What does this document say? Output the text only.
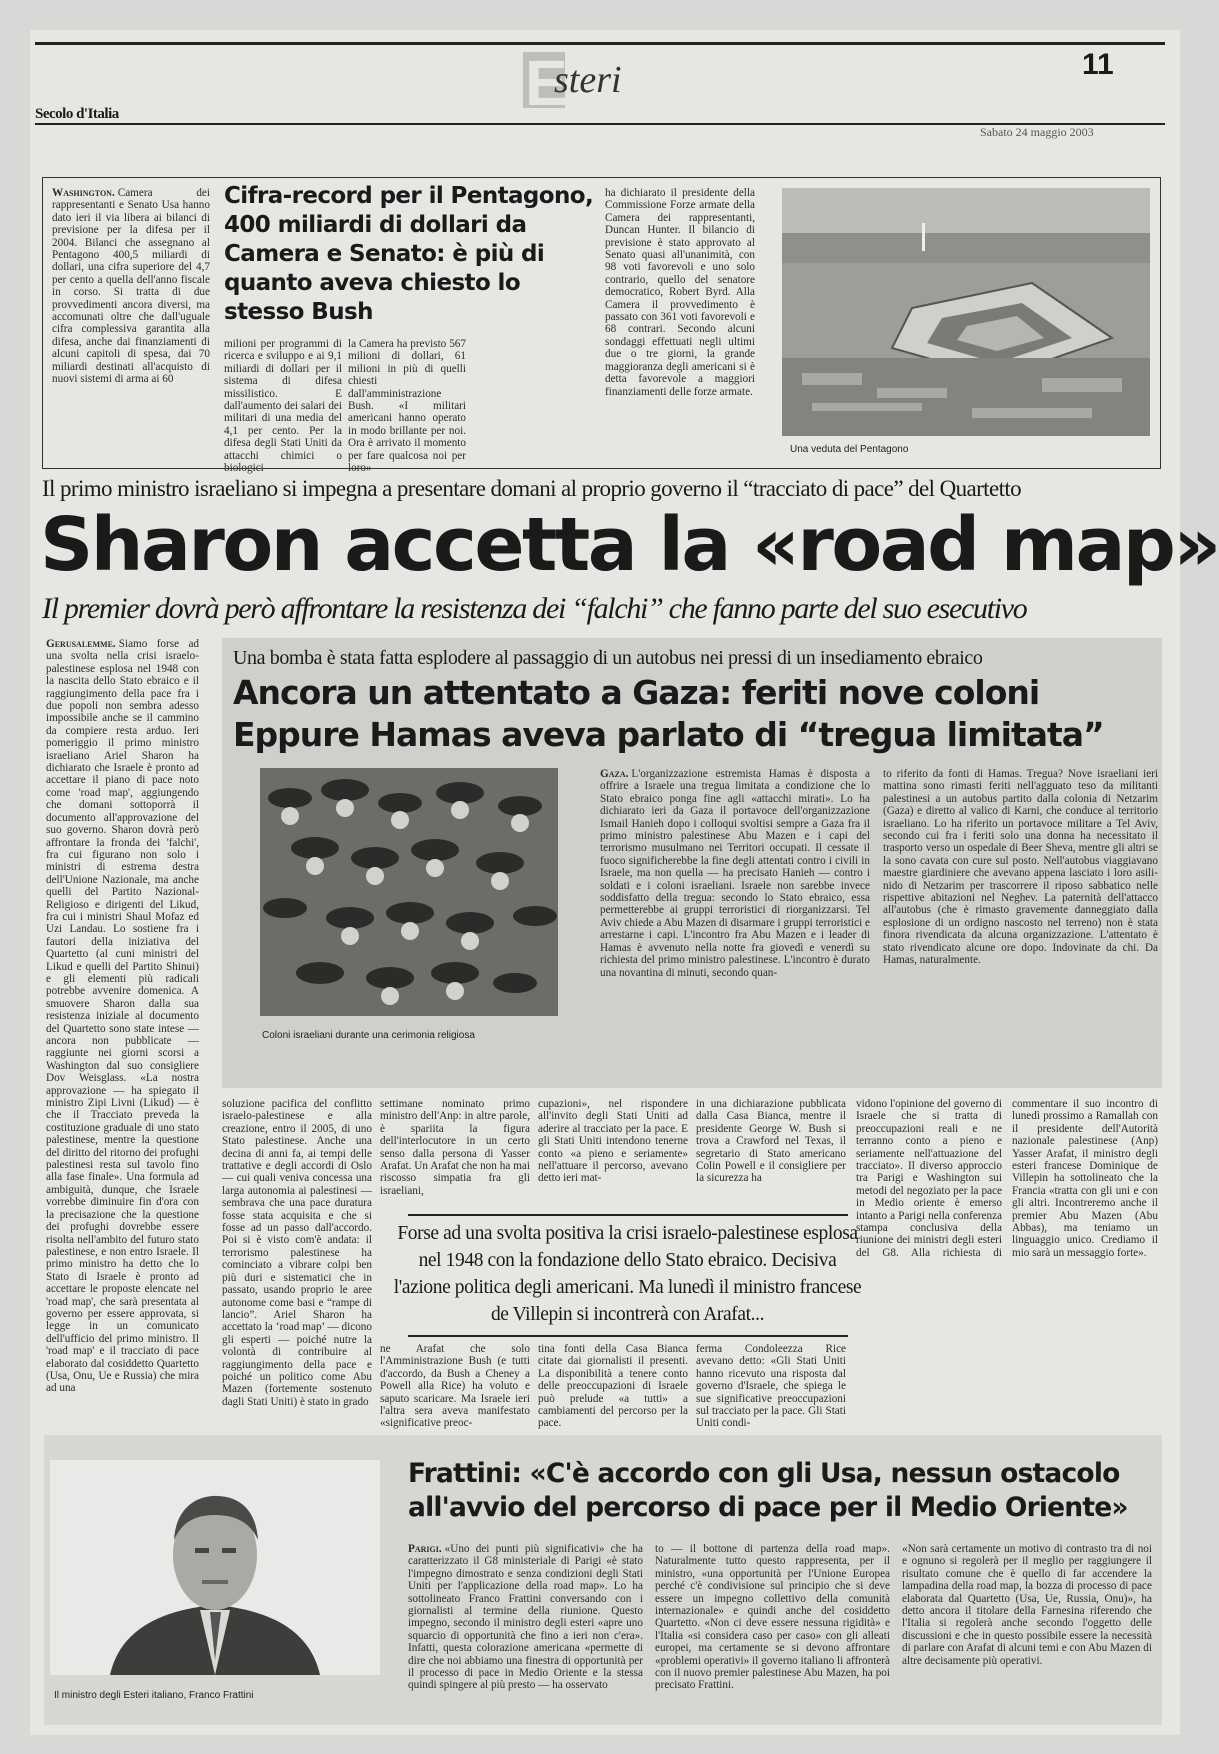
E
steri	11
Secolo d'Italia
Sabato 24 maggio 2003
Washington. Camera dei rappresentanti e Senato Usa hanno dato ieri il via libera ai bilanci di previsione per la difesa per il 2004. Bilanci che assegnano al Pentagono 400,5 miliardi di dollari, una cifra superiore del 4,7 per cento a quella dell'anno fiscale in corso. Si tratta di due provvedimenti ancora diversi, ma accomunati oltre che dall'uguale cifra complessiva garantita alla difesa, anche dai finanziamenti di alcuni capitoli di spesa, dai 70 miliardi destinati all'acquisto di nuovi sistemi di arma ai 60
Cifra-record per il Pentagono, 400 miliardi di dollari da Camera e Senato: è più di quanto aveva chiesto lo stesso Bush
milioni per programmi di ricerca e sviluppo e ai 9,1 miliardi di dollari per il sistema di difesa missilistico. E dall'aumento dei salari dei militari di una media del 4,1 per cento. Per la difesa degli Stati Uniti da attacchi chimici o biologici
la Camera ha previsto 567 milioni di dollari, 61 milioni in più di quelli chiesti dall'amministrazione Bush. «I militari americani hanno operato in modo brillante per noi. Ora è arrivato il momento per fare qualcosa noi per loro»
ha dichiarato il presidente della Commissione Forze armate della Camera dei rappresentanti, Duncan Hunter. Il bilancio di previsione è stato approvato al Senato quasi all'unanimità, con 98 voti favorevoli e uno solo contrario, quello del senatore democratico, Robert Byrd. Alla Camera il provvedimento è passato con 361 voti favorevoli e 68 contrari. Secondo alcuni sondaggi effettuati negli ultimi due o tre giorni, la grande maggioranza degli americani si è detta favorevole a maggiori finanziamenti delle forze armate.
Una veduta del Pentagono
Il primo ministro israeliano si impegna a presentare domani al proprio governo il “tracciato di pace” del Quartetto
Sharon accetta la «road map»
Il premier dovrà però affrontare la resistenza dei “falchi” che fanno parte del suo esecutivo
Gerusalemme. Siamo forse ad una svolta nella crisi israelo-palestinese esplosa nel 1948 con la nascita dello Stato ebraico e il raggiungimento della pace fra i due popoli non sembra adesso impossibile anche se il cammino da compiere resta arduo. Ieri pomeriggio il primo ministro israeliano Ariel Sharon ha dichiarato che Israele è pronto ad accettare il piano di pace noto come 'road map', aggiungendo che domani sottoporrà il documento all'approvazione del suo governo. Sharon dovrà però affrontare la fronda dei 'falchi', fra cui figurano non solo i ministri di estrema destra dell'Unione Nazionale, ma anche quelli del Partito Nazional-Religioso e dirigenti del Likud, fra cui i ministri Shaul Mofaz ed Uzi Landau. Lo sostiene fra i fautori della iniziativa del Quartetto (al cuni ministri del Likud e quelli del Partito Shinui) e gli elementi più radicali potrebbe avvenire domenica. A smuovere Sharon dalla sua resistenza iniziale al documento del Quartetto sono state intese — ancora non pubblicate — raggiunte nei giorni scorsi a Washington dal suo consigliere Dov Weisglass. «La nostra approvazione — ha spiegato il ministro Zipi Livni (Likud) — è che il Tracciato preveda la costituzione graduale di uno stato palestinese, mentre la questione del diritto del ritorno dei profughi palestinesi resta sul tavolo fino alla fase finale». Una formula ad ambiguità, dunque, che Israele vorrebbe diminuire fin d'ora con la precisazione che la questione dei profughi dovrebbe essere risolta nell'ambito del futuro stato palestinese, e non entro Israele. Il primo ministro ha detto che lo Stato di Israele è pronto ad accettare le proposte elencate nel 'road map', che sarà presentata al governo per essere approvata, si legge in un comunicato dell'ufficio del primo ministro. Il 'road map' e il tracciato di pace elaborato dal cosiddetto Quartetto (Usa, Onu, Ue e Russia) che mira ad una
Una bomba è stata fatta esplodere al passaggio di un autobus nei pressi di un insediamento ebraico
Ancora un attentato a Gaza: feriti nove coloni
Eppure Hamas aveva parlato di “tregua limitata”
Coloni israeliani durante una cerimonia religiosa
Gaza. L'organizzazione estremista Hamas è disposta a offrire a Israele una tregua limitata a condizione che lo Stato ebraico ponga fine agli «attacchi mirati». Lo ha dichiarato ieri da Gaza il portavoce dell'organizzazione Ismail Hanieh dopo i colloqui svoltisi sempre a Gaza fra il primo ministro palestinese Abu Mazen e i capi del terrorismo musulmano nei Territori occupati. Il cessate il fuoco significherebbe la fine degli attentati contro i civili in Israele, ma non quella — ha precisato Hanieh — contro i soldati e i coloni israeliani. Israele non sarebbe invece soddisfatto della tregua: secondo lo Stato ebraico, essa permetterebbe ai gruppi terroristici di riorganizzarsi. Tel Aviv chiede a Abu Mazen di disarmare i gruppi terroristici e arrestarne i capi. L'incontro fra Abu Mazen e i leader di Hamas è avvenuto nella notte fra giovedì e venerdì su richiesta del primo ministro palestinese. L'incontro è durato una novantina di minuti, secondo quan-
to riferito da fonti di Hamas. Tregua? Nove israeliani ieri mattina sono rimasti feriti nell'agguato teso da militanti palestinesi a un autobus partito dalla colonia di Netzarim (Gaza) e diretto al valico di Karni, che conduce al territorio israeliano. Lo ha riferito un portavoce militare a Tel Aviv, secondo cui fra i feriti solo una donna ha necessitato il trasporto verso un ospedale di Beer Sheva, mentre gli altri se la sono cavata con cure sul posto. Nell'autobus viaggiavano maestre giardiniere che avevano appena lasciato i loro asili-nido di Netzarim per trascorrere il riposo sabbatico nelle rispettive abitazioni nel Neghev. La paternità dell'attacco all'autobus (che è rimasto gravemente danneggiato dalla esplosione di un ordigno nascosto nel terreno) non è stata finora rivendicata da alcuna organizzazione. L'attentato è stato rivendicato alcune ore dopo. Indovinate da chi. Da Hamas, naturalmente.
soluzione pacifica del conflitto israelo-palestinese e alla creazione, entro il 2005, di uno Stato palestinese. Anche una decina di anni fa, ai tempi delle trattative e degli accordi di Oslo — cui quali veniva concessa una larga autonomia ai palestinesi — sembrava che una pace duratura fosse stata acquisita e che si fosse ad un passo dall'accordo. Poi si è visto com'è andata: il terrorismo palestinese ha cominciato a vibrare colpi ben più duri e sistematici che in passato, usando proprio le aree autonome come basi e “rampe di lancio”. Ariel Sharon ha accettato la ‘road map’ — dicono gli esperti — poiché nutre la volontà di contribuire al raggiungimento della pace e poiché un politico come Abu Mazen (fortemente sostenuto dagli Stati Uniti) è stato in grado
settimane nominato primo ministro dell'Anp: in altre parole, è spariita la figura dell'interlocutore in un certo senso dalla persona di Yasser Arafat. Un Arafat che non ha mai riscosso simpatia fra gli israeliani,
cupazioni», nel rispondere all'invito degli Stati Uniti ad aderire al tracciato per la pace. E gli Stati Uniti intendono tenerne conto «a pieno e seriamente» nell'attuare il percorso, avevano detto ieri mat-
in una dichiarazione pubblicata dalla Casa Bianca, mentre il presidente George W. Bush si trova a Crawford nel Texas, il segretario di Stato americano Colin Powell e il consigliere per la sicurezza ha
vidono l'opinione del governo di Israele che si tratta di preoccupazioni reali e ne terranno conto a pieno e seriamente nell'attuazione del tracciato». Il diverso approccio tra Parigi e Washington sui metodi del negoziato per la pace in Medio oriente è emerso intanto a Parigi nella conferenza stampa conclusiva della riunione dei ministri degli esteri del G8. Alla richiesta di commentare il suo incontro di lunedì prossimo a Ramallah con il presidente dell'Autorità nazionale palestinese (Anp) Yasser Arafat, il ministro degli esteri francese Dominique de Villepin ha sottolineato che la Francia «tratta con gli uni e con gli altri. Incontreremo anche il premier Abu Mazen (Abu Abbas), ma teniamo un linguaggio unico. Crediamo il mio sarà un messaggio forte».
Forse ad una svolta positiva la crisi israelo-palestinese esplosa nel 1948 con la fondazione dello Stato ebraico. Decisiva l'azione politica degli americani. Ma lunedì il ministro francese de Villepin si incontrerà con Arafat...
ne Arafat che solo l'Amministrazione Bush (e tutti d'accordo, da Bush a Cheney a Powell alla Rice) ha voluto e saputo scaricare. Ma Israele ieri l'altra sera aveva manifestato «significative preoc-
tina fonti della Casa Bianca citate dai giornalisti il presenti. La disponibilità a tenere conto delle preoccupazioni di Israele può prelude «a tutti» a cambiamenti del percorso per la pace.
ferma Condoleezza Rice avevano detto: «Gli Stati Uniti hanno ricevuto una risposta dal governo d'Israele, che spiega le sue significative preoccupazioni sul tracciato per la pace. Gli Stati Uniti condi-
Il ministro degli Esteri italiano, Franco Frattini
Frattini: «C'è accordo con gli Usa, nessun ostacolo all'avvio del percorso di pace per il Medio Oriente»
Parigi. «Uno dei punti più significativi» che ha caratterizzato il G8 ministeriale di Parigi «è stato l'impegno dimostrato e senza condizioni degli Stati Uniti per l'applicazione della road map». Lo ha sottolineato Franco Frattini conversando con i giornalisti al termine della riunione. Questo impegno, secondo il ministro degli esteri «apre uno squarcio di opportunità che fino a ieri non c'era». Infatti, questa colorazione americana «permette di dire che noi abbiamo una finestra di opportunità per il processo di pace in Medio Oriente e la stessa quindi spingere al più presto — ha osservato
to — il bottone di partenza della road map». Naturalmente tutto questo rappresenta, per il ministro, «una opportunità per l'Unione Europea perché c'è condivisione sul principio che si deve essere un impegno collettivo della comunità internazionale» e quindi anche del cosiddetto Quartetto. «Non ci deve essere nessuna rigidità» e l'Italia «si considera caso per caso» con gli alleati europei, ma certamente se si devono affrontare «problemi operativi» il governo italiano li affronterà con il nuovo premier palestinese Abu Mazen, ha poi precisato Frattini.
«Non sarà certamente un motivo di contrasto tra di noi e ognuno si regolerà per il meglio per raggiungere il risultato comune che è quello di far accendere la lampadina della road map, la bozza di processo di pace elaborata dal Quartetto (Usa, Ue, Russia, Onu)», ha detto ancora il titolare della Farnesina riferendo che l'Italia si regolerà anche secondo l'oggetto delle discussioni e che in questo possibile essere la necessità di parlare con Arafat di alcuni temi e con Abu Mazen di altre decisamente più operativi.
